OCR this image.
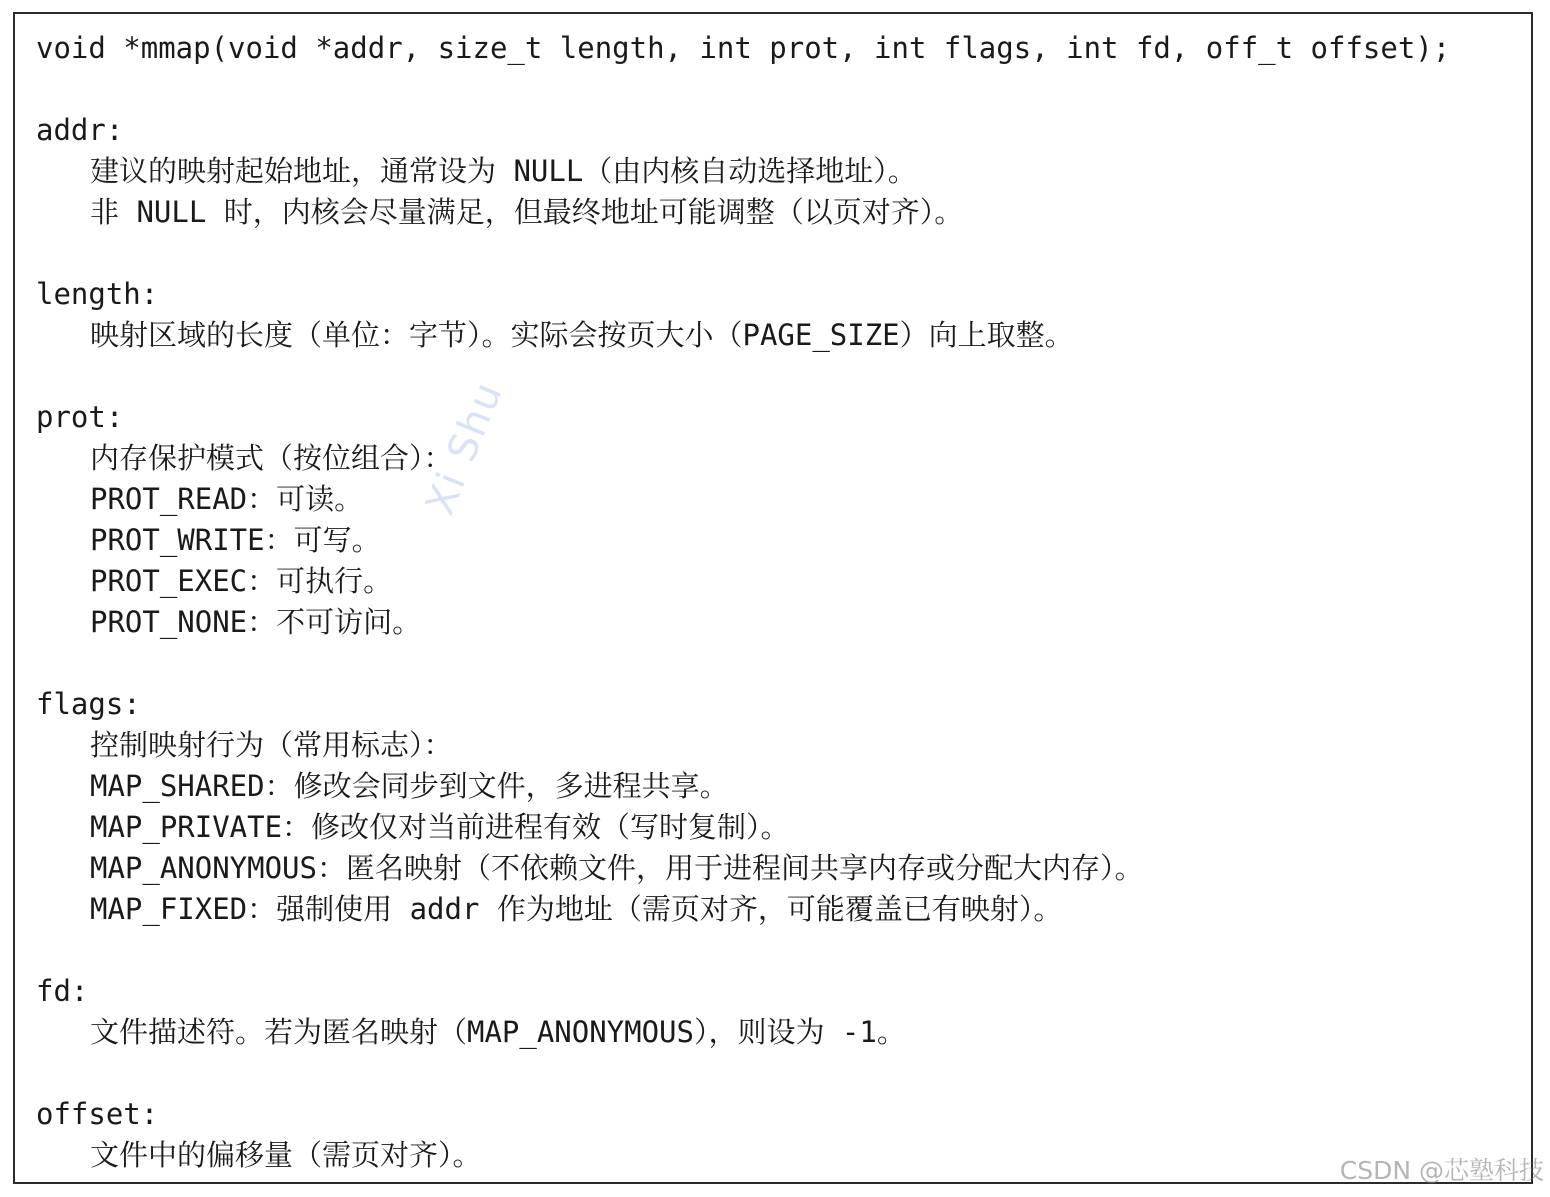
Xi Shu
void *mmap(void *addr, size_t length, int prot, int flags, int fd, off_t offset);
addr:
建议的映射起始地址，通常设为 NULL（由内核自动选择地址）。
非 NULL 时，内核会尽量满足，但最终地址可能调整（以页对齐）。
length:
映射区域的长度（单位：字节）。实际会按页大小（PAGE_SIZE）向上取整。
prot:
内存保护模式（按位组合）：
PROT_READ：可读。
PROT_WRITE：可写。
PROT_EXEC：可执行。
PROT_NONE：不可访问。
flags:
控制映射行为（常用标志）：
MAP_SHARED：修改会同步到文件，多进程共享。
MAP_PRIVATE：修改仅对当前进程有效（写时复制）。
MAP_ANONYMOUS：匿名映射（不依赖文件，用于进程间共享内存或分配大内存）。
MAP_FIXED：强制使用 addr 作为地址（需页对齐，可能覆盖已有映射）。
fd:
文件描述符。若为匿名映射（MAP_ANONYMOUS），则设为 -1。
offset:
文件中的偏移量（需页对齐）。	CSDN @芯塾科技
